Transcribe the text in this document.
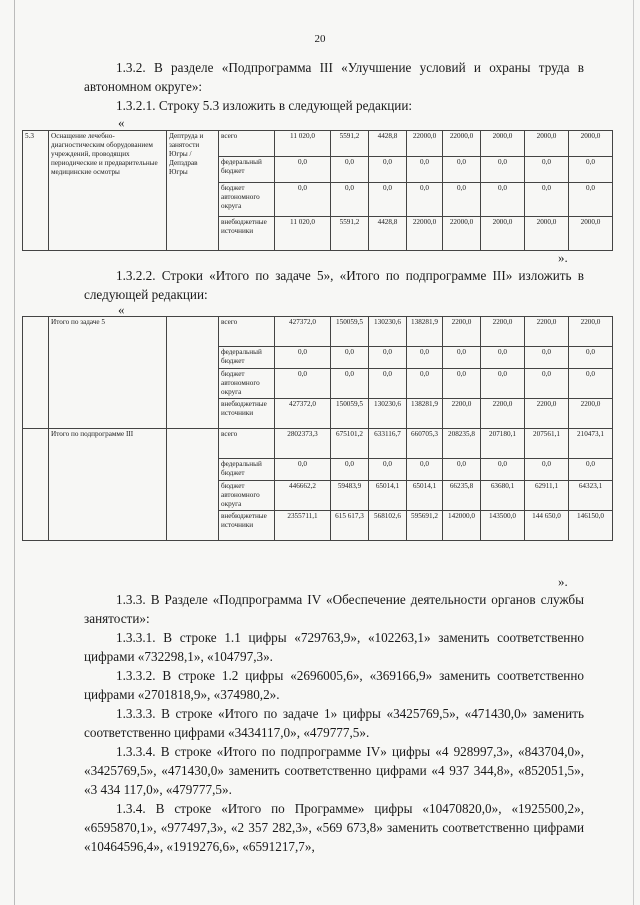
20
1.3.2. В разделе «Подпрограмма III «Улучшение условий и охраны труда в автономном округе»:
1.3.2.1. Строку 5.3 изложить в следующей редакции:
«
5.3	Оснащение лечебно-диагностическим оборудованием учреждений, проводящих периодические и предварительные медицинские осмотры	Дептруда и занятости Югры / Депздрав Югры	всего	11 020,0	5591,2	4428,8	22000,0	22000,0	2000,0	2000,0	2000,0
			федеральный бюджет	0,0	0,0	0,0	0,0	0,0	0,0	0,0	0,0
			бюджет автономного округа	0,0	0,0	0,0	0,0	0,0	0,0	0,0	0,0
			внебюджетные источники	11 020,0	5591,2	4428,8	22000,0	22000,0	2000,0	2000,0	2000,0
».
1.3.2.2. Строки «Итого по задаче 5», «Итого по подпрограмме III» изложить в следующей редакции:
«
	Итого по задаче 5		всего	427372,0	150059,5	130230,6	138281,9	2200,0	2200,0	2200,0	2200,0
			федеральный бюджет	0,0	0,0	0,0	0,0	0,0	0,0	0,0	0,0
			бюджет автономного округа	0,0	0,0	0,0	0,0	0,0	0,0	0,0	0,0
			внебюджетные источники	427372,0	150059,5	130230,6	138281,9	2200,0	2200,0	2200,0	2200,0
	Итого по подпрограмме III		всего	2802373,3	675101,2	633116,7	660705,3	208235,8	207180,1	207561,1	210473,1
			федеральный бюджет	0,0	0,0	0,0	0,0	0,0	0,0	0,0	0,0
			бюджет автономного округа	446662,2	59483,9	65014,1	65014,1	66235,8	63680,1	62911,1	64323,1
			внебюджетные источники	2355711,1	615 617,3	568102,6	595691,2	142000,0	143500,0	144 650,0	146150,0
».
1.3.3. В Разделе «Подпрограмма IV «Обеспечение деятельности органов службы занятости»:
1.3.3.1. В строке 1.1 цифры «729763,9», «102263,1» заменить соответственно цифрами «732298,1», «104797,3».
1.3.3.2. В строке 1.2 цифры «2696005,6», «369166,9» заменить соответственно цифрами «2701818,9», «374980,2».
1.3.3.3. В строке «Итого по задаче 1» цифры «3425769,5», «471430,0» заменить соответственно цифрами «3434117,0», «479777,5».
1.3.3.4. В строке «Итого по подпрограмме IV» цифры «4 928997,3», «843704,0», «3425769,5», «471430,0» заменить соответственно цифрами «4 937 344,8», «852051,5», «3 434 117,0», «479777,5».
1.3.4. В строке «Итого по Программе» цифры «10470820,0», «1925500,2», «6595870,1», «977497,3», «2 357 282,3», «569 673,8» заменить соответственно цифрами «10464596,4», «1919276,6», «6591217,7»,
